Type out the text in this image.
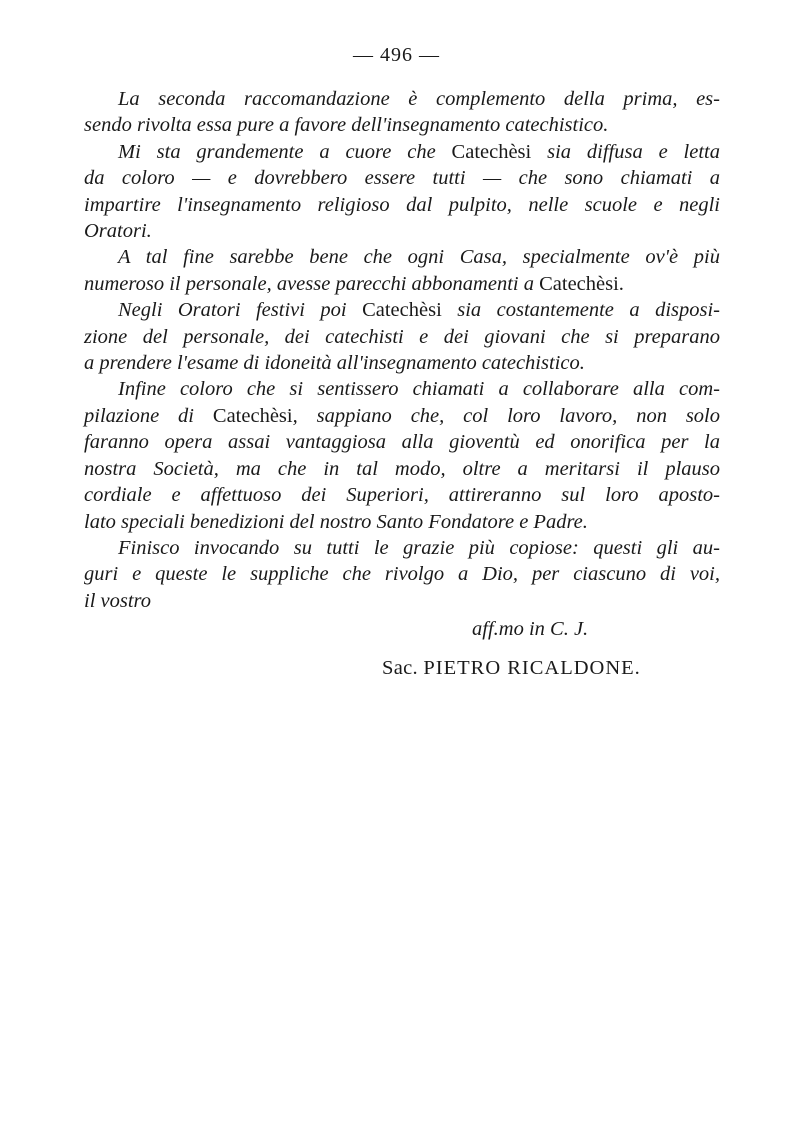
— 496 —
La seconda raccomandazione è complemento della prima, es-
sendo rivolta essa pure a favore dell'insegnamento catechistico.
Mi sta grandemente a cuore che Catechèsi sia diffusa e letta
da coloro — e dovrebbero essere tutti — che sono chiamati a
impartire l'insegnamento religioso dal pulpito, nelle scuole e negli
Oratori.
A tal fine sarebbe bene che ogni Casa, specialmente ov'è più
numeroso il personale, avesse parecchi abbonamenti a Catechèsi.
Negli Oratori festivi poi Catechèsi sia costantemente a disposi-
zione del personale, dei catechisti e dei giovani che si preparano
a prendere l'esame di idoneità all'insegnamento catechistico.
Infine coloro che si sentissero chiamati a collaborare alla com-
pilazione di Catechèsi, sappiano che, col loro lavoro, non solo
faranno opera assai vantaggiosa alla gioventù ed onorifica per la
nostra Società, ma che in tal modo, oltre a meritarsi il plauso
cordiale e affettuoso dei Superiori, attireranno sul loro aposto-
lato speciali benedizioni del nostro Santo Fondatore e Padre.
Finisco invocando su tutti le grazie più copiose: questi gli au-
guri e queste le suppliche che rivolgo a Dio, per ciascuno di voi,
il vostro
aff.mo in C. J.
Sac. PIETRO RICALDONE.
